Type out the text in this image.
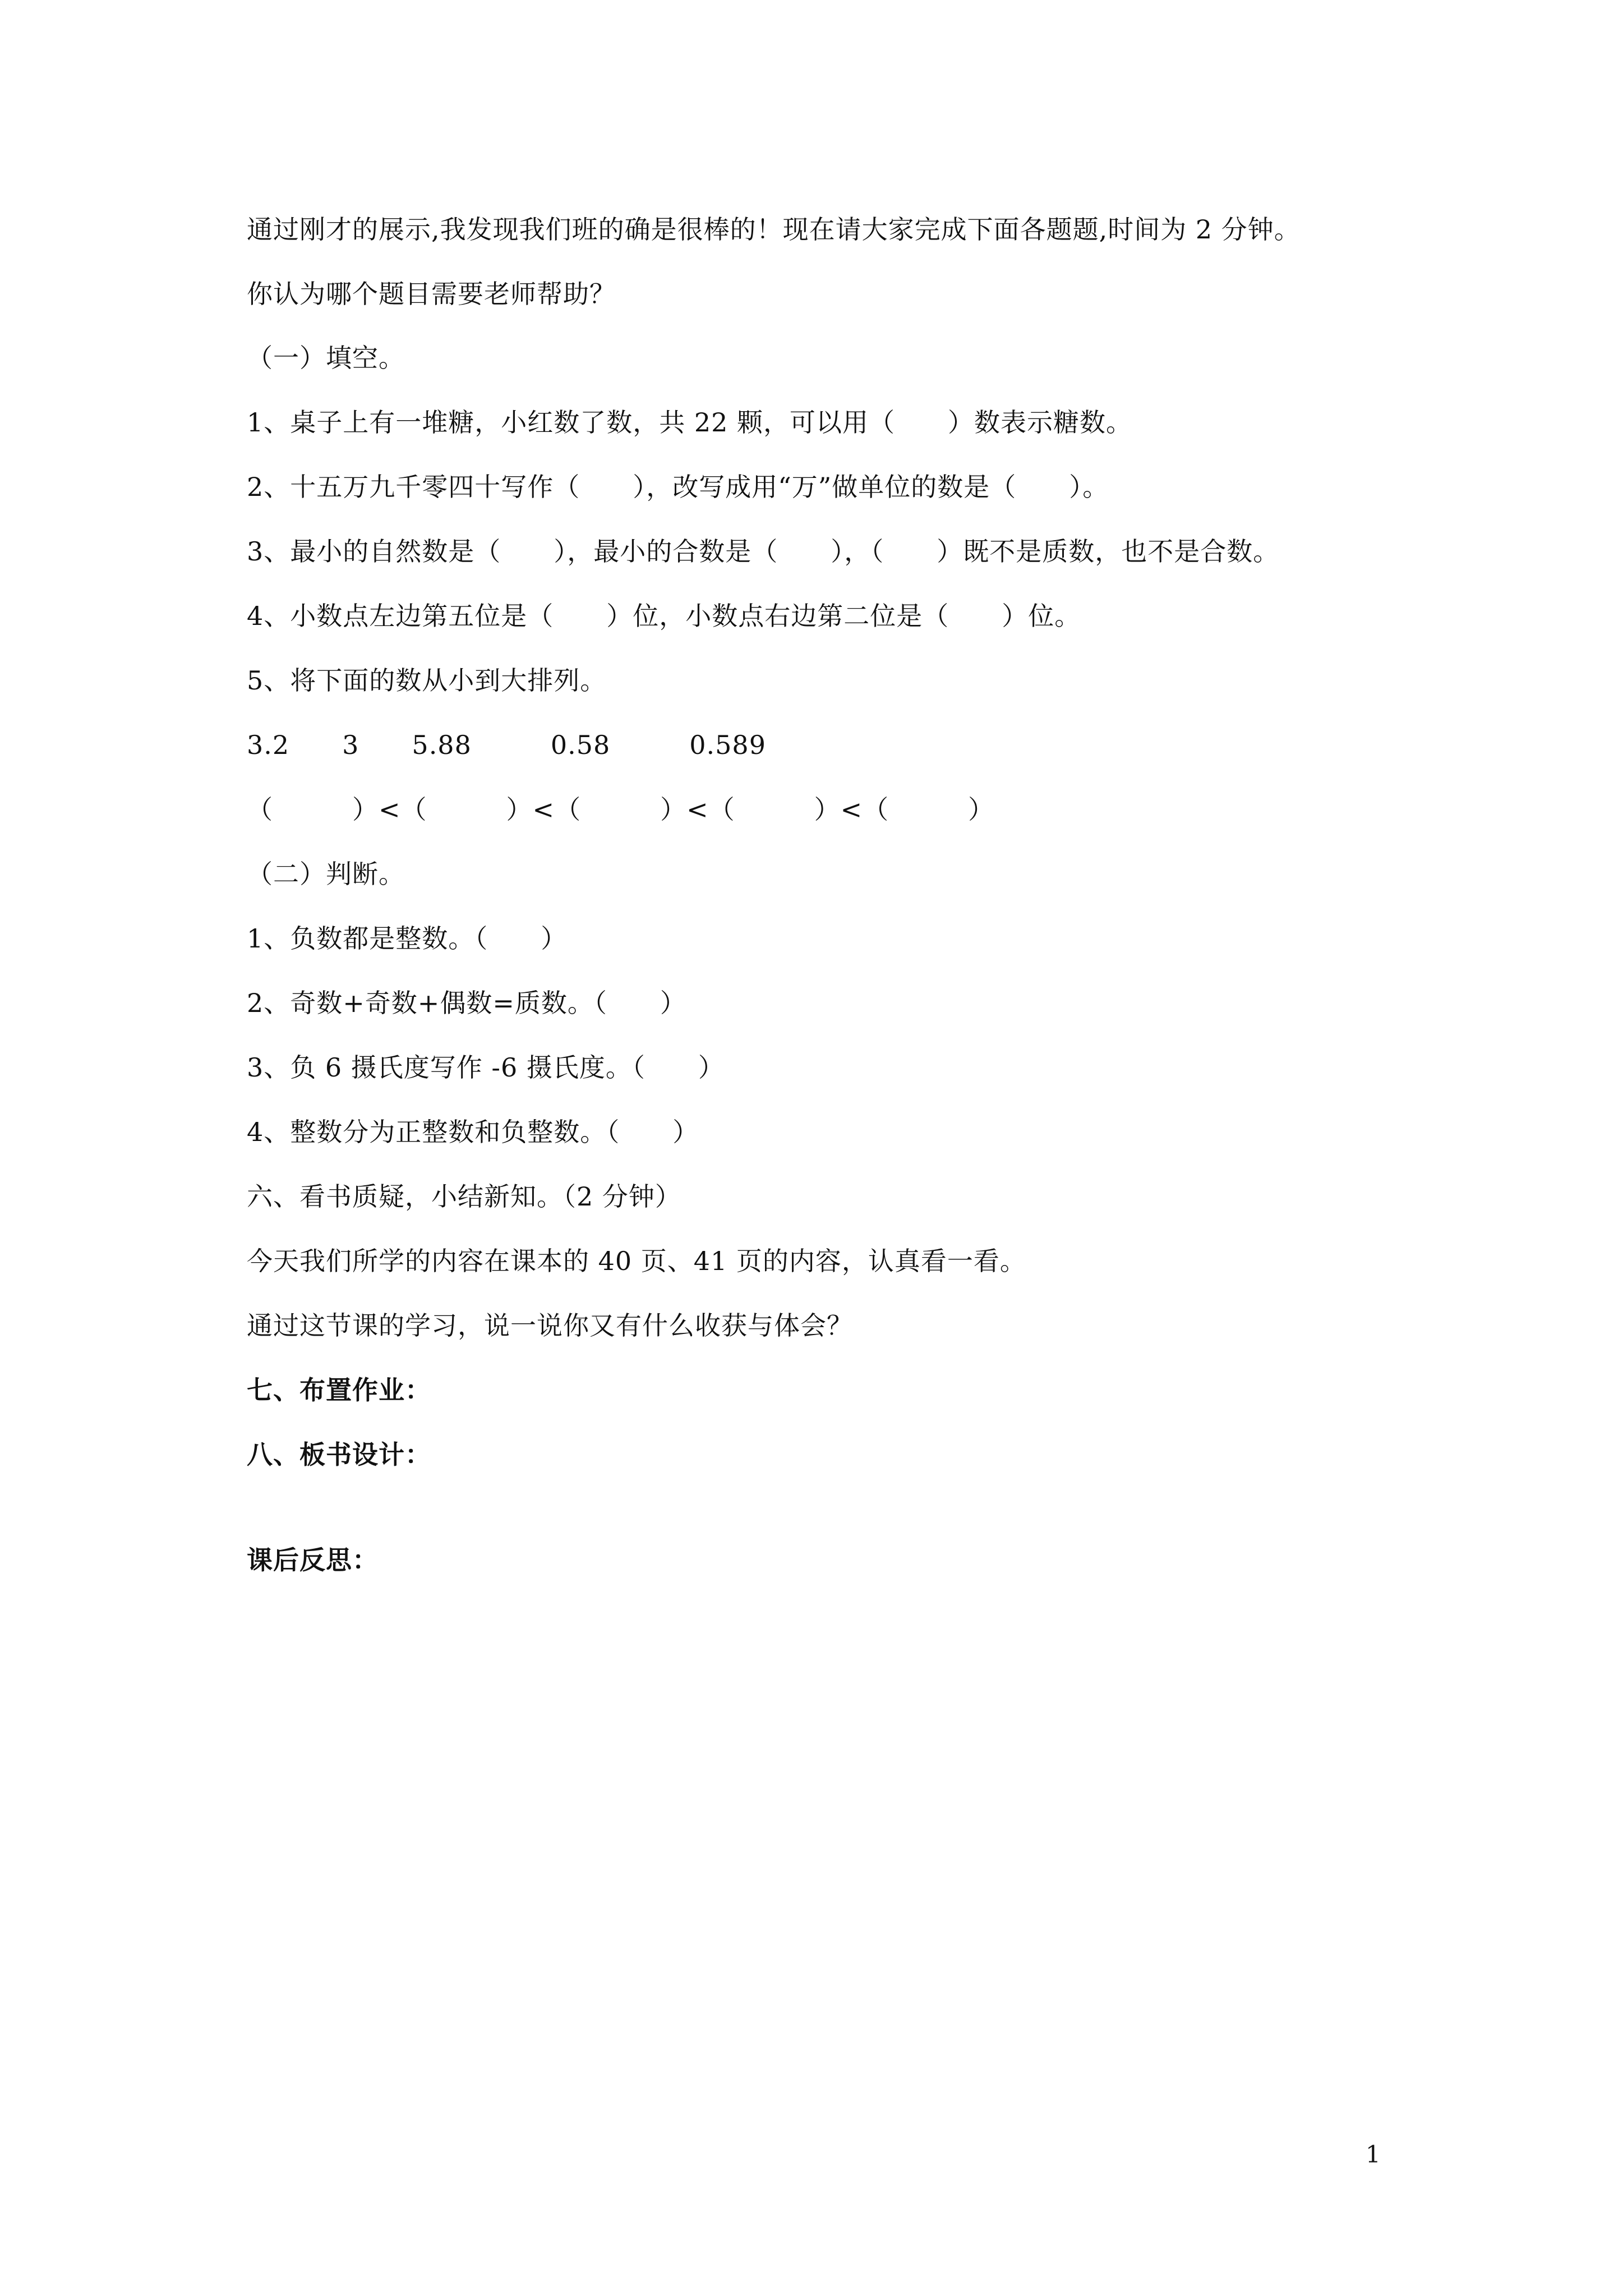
通过刚才的展示,我发现我们班的确是很棒的！现在请大家完成下面各题题,时间为 2 分钟。
你认为哪个题目需要老师帮助？
（一）填空。
1、桌子上有一堆糖，小红数了数，共 22 颗，可以用（　　）数表示糖数。
2、十五万九千零四十写作（　　），改写成用“万”做单位的数是（　　）。
3、最小的自然数是（　　），最小的合数是（　　），（　　）既不是质数，也不是合数。
4、小数点左边第五位是（　　）位，小数点右边第二位是（　　）位。
5、将下面的数从小到大排列。
3.2　　3　　5.88　　　0.58　　　0.589
（　　　）<（　　　）<（　　　）<（　　　）<（　　　）
（二）判断。
1、负数都是整数。（　　）
2、奇数+奇数+偶数=质数。（　　）
3、负 6 摄氏度写作 -6 摄氏度。（　　）
4、整数分为正整数和负整数。（　　）
六、看书质疑，小结新知。（2 分钟）
今天我们所学的内容在课本的 40 页、41 页的内容，认真看一看。
通过这节课的学习，说一说你又有什么收获与体会？
七、布置作业：
八、板书设计：
课后反思：
1
